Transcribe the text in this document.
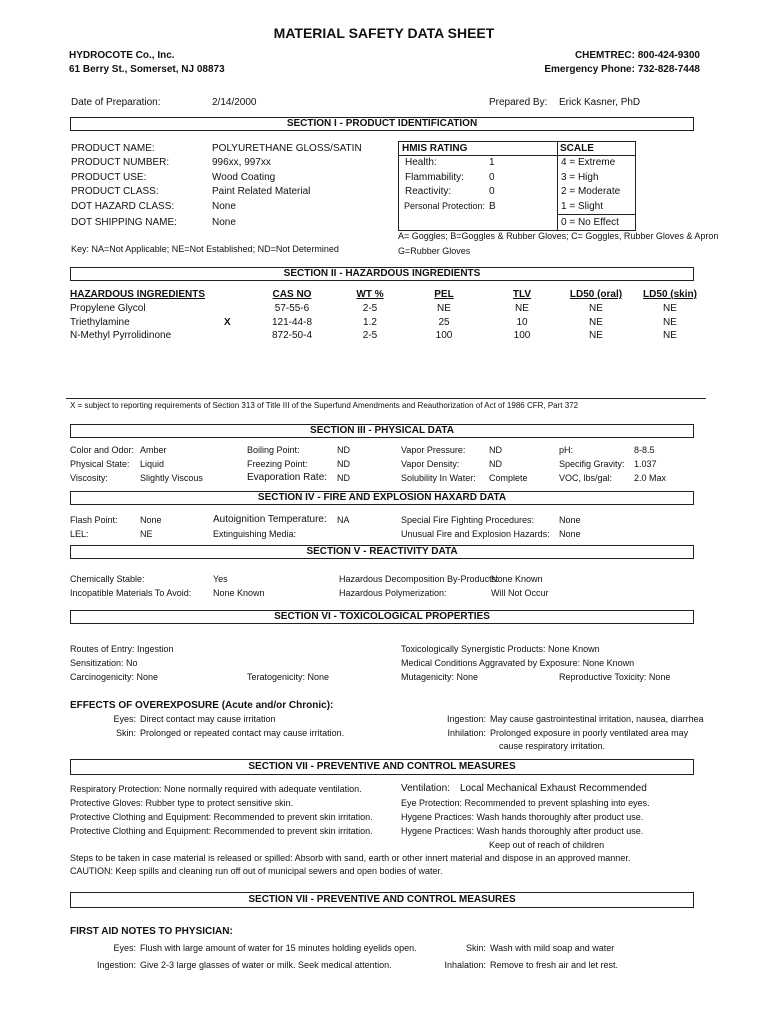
MATERIAL SAFETY DATA SHEET
HYDROCOTE Co., Inc.
61 Berry St., Somerset, NJ 08873
CHEMTREC: 800-424-9300
Emergency Phone: 732-828-7448
Date of Preparation:	2/14/2000	Prepared By: Erick Kasner, PhD
SECTION I - PRODUCT IDENTIFICATION
PRODUCT NAME:	POLYURETHANE GLOSS/SATIN
PRODUCT NUMBER:	996xx, 997xx
PRODUCT USE:	Wood Coating
PRODUCT CLASS:	Paint Related Material
DOT HAZARD CLASS:	None
DOT SHIPPING NAME:	None
Key: NA=Not Applicable; NE=Not Established; ND=Not Determined
HMIS RATING	SCALE
Health:	1
Flammability:	0
Reactivity:	0
Personal Protection: B
4 = Extreme
3 = High
2 = Moderate
1 = Slight
0 = No Effect
A= Goggles; B=Goggles & Rubber Gloves; C= Goggles, Rubber Gloves & Apron
G=Rubber Gloves
SECTION II - HAZARDOUS INGREDIENTS
HAZARDOUS INGREDIENTS	CAS NO	WT %	PEL	TLV	LD50 (oral)	LD50 (skin)
Propylene Glycol	57-55-6	2-5	NE	NE	NE	NE
Triethylamine	X	121-44-8	1.2	25	10	NE	NE
N-Methyl Pyrrolidinone	872-50-4	2-5	100	100	NE	NE
X = subject to reporting requirements of Section 313 of Title III of the Superfund Amendments and Reauthorization of Act of 1986 CFR, Part 372
SECTION III - PHYSICAL DATA
Color and Odor: Amber
Physical State: Liquid
Viscosity:	Slightly Viscous
Boiling Point:	ND
Freezing Point:	ND
Evaporation Rate: ND
Vapor Pressure:	ND
Vapor Density:	ND
Solubility In Water: Complete
pH:	8-8.5
Specifig Gravity: 1.037
VOC, lbs/gal: 2.0 Max
SECTION IV - FIRE AND EXPLOSION HAXARD DATA
Flash Point: None
LEL:	NE
Autoignition Temperature: NA
Extinguishing Media:
Special Fire Fighting Procedures:	None
Unusual Fire and Explosion Hazards: None
SECTION V - REACTIVITY DATA
Chemically Stable:	Yes
Incopatible Materials To Avoid: None Known
Hazardous Decomposition By-Products:
None Known
Hazardous Polymerization:	Will Not Occur
SECTION VI - TOXICOLOGICAL PROPERTIES
Routes of Entry: Ingestion
Sensitization: No
Carcinogenicity: None	Teratogenicity: None
Toxicologically Synergistic Products: None Known
Medical Conditions Aggravated by Exposure: None Known
Mutagenicity: None	Reproductive Toxicity: None
EFFECTS OF OVEREXPOSURE (Acute and/or Chronic):
Eyes: Direct contact may cause irritation
Skin: Prolonged or repeated contact may cause irritation.
Ingestion: May cause gastrointestinal irritation, nausea, diarrhea
Inhilation: Prolonged exposure in poorly ventilated area may
cause respiratory irritation.
SECTION VII - PREVENTIVE AND CONTROL MEASURES
Respiratory Protection: None normally required with adequate ventilation.
Protective Gloves: Rubber type to protect sensitive skin.
Protective Clothing and Equipment: Recommended to prevent skin irritation.
Protective Clothing and Equipment: Recommended to prevent skin irritation.
Ventilation: Local Mechanical Exhaust Recommended
Eye Protection: Recommended to prevent splashing into eyes.
Hygene Practices: Wash hands thoroughly after product use.
Hygene Practices: Wash hands thoroughly after product use.
Keep out of reach of children
Steps to be taken in case material is released or spilled: Absorb with sand, earth or other innert material and dispose in an approved manner.
CAUTION: Keep spills and cleaning run off out of municipal sewers and open bodies of water.
SECTION VII - PREVENTIVE AND CONTROL MEASURES
FIRST AID NOTES TO PHYSICIAN:
Eyes: Flush with large amount of water for 15 minutes holding eyelids open.
Ingestion: Give 2-3 large glasses of water or milk. Seek medical attention.
Skin: Wash with mild soap and water
Inhalation: Remove to fresh air and let rest.
